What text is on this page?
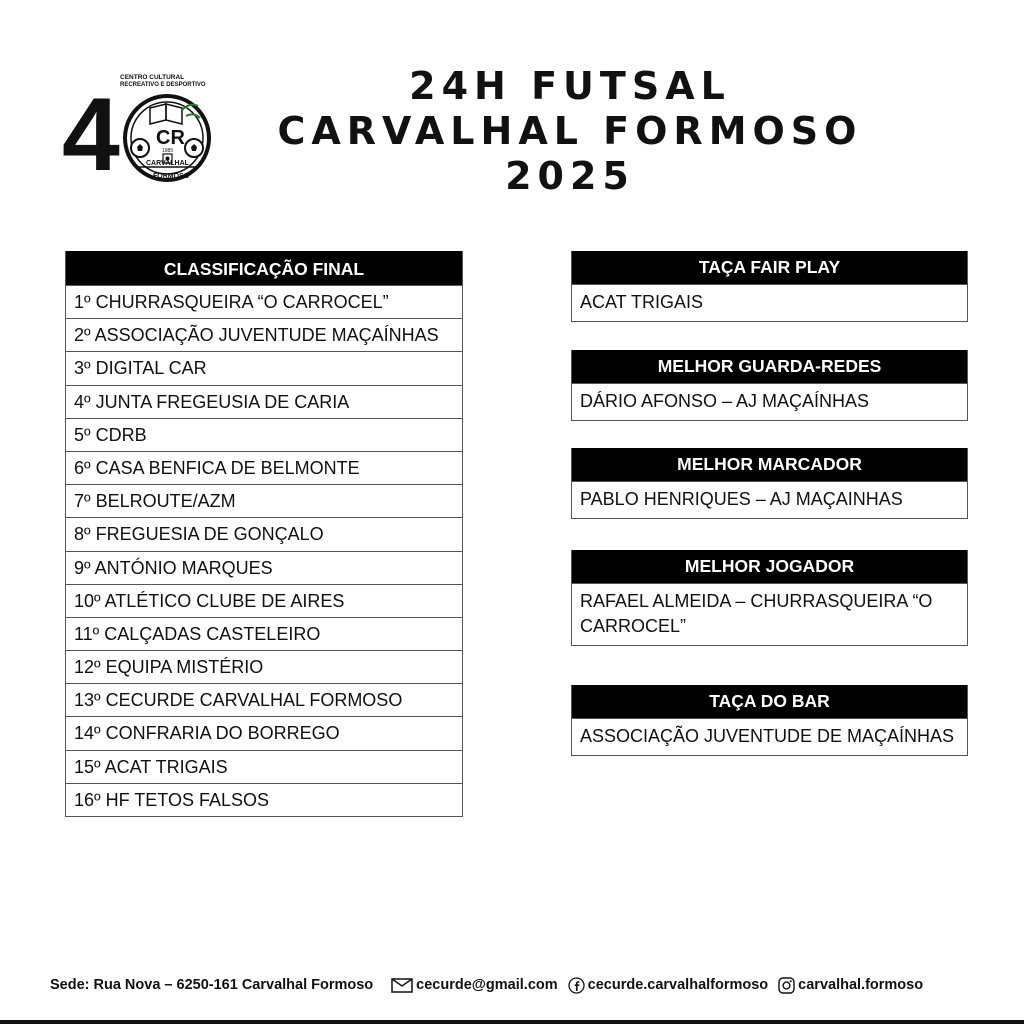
4 CENTRO CULTURAL
RECREATIVO E DESPORTIVO
CR
1985
CARVALHAL
FORMOSO
24H FUTSAL
CARVALHAL FORMOSO
2025
CLASSIFICAÇÃO FINAL
1º CHURRASQUEIRA “O CARROCEL”
2º ASSOCIAÇÃO JUVENTUDE MAÇAÍNHAS
3º DIGITAL CAR
4º JUNTA FREGEUSIA DE CARIA
5º CDRB
6º CASA BENFICA DE BELMONTE
7º BELROUTE/AZM
8º FREGUESIA DE GONÇALO
9º ANTÓNIO MARQUES
10º ATLÉTICO CLUBE DE AIRES
11º CALÇADAS CASTELEIRO
12º EQUIPA MISTÉRIO
13º CECURDE CARVALHAL FORMOSO
14º CONFRARIA DO BORREGO
15º ACAT TRIGAIS
16º HF TETOS FALSOS
TAÇA FAIR PLAY
ACAT TRIGAIS
MELHOR GUARDA-REDES
DÁRIO AFONSO – AJ MAÇAÍNHAS
MELHOR MARCADOR
PABLO HENRIQUES – AJ MAÇAINHAS
MELHOR JOGADOR
RAFAEL ALMEIDA – CHURRASQUEIRA “O CARROCEL”
TAÇA DO BAR
ASSOCIAÇÃO JUVENTUDE DE MAÇAÍNHAS
Sede: Rua Nova – 6250-161 Carvalhal Formoso	cecurde@gmail.com cecurde.carvalhalformoso carvalhal.formoso
